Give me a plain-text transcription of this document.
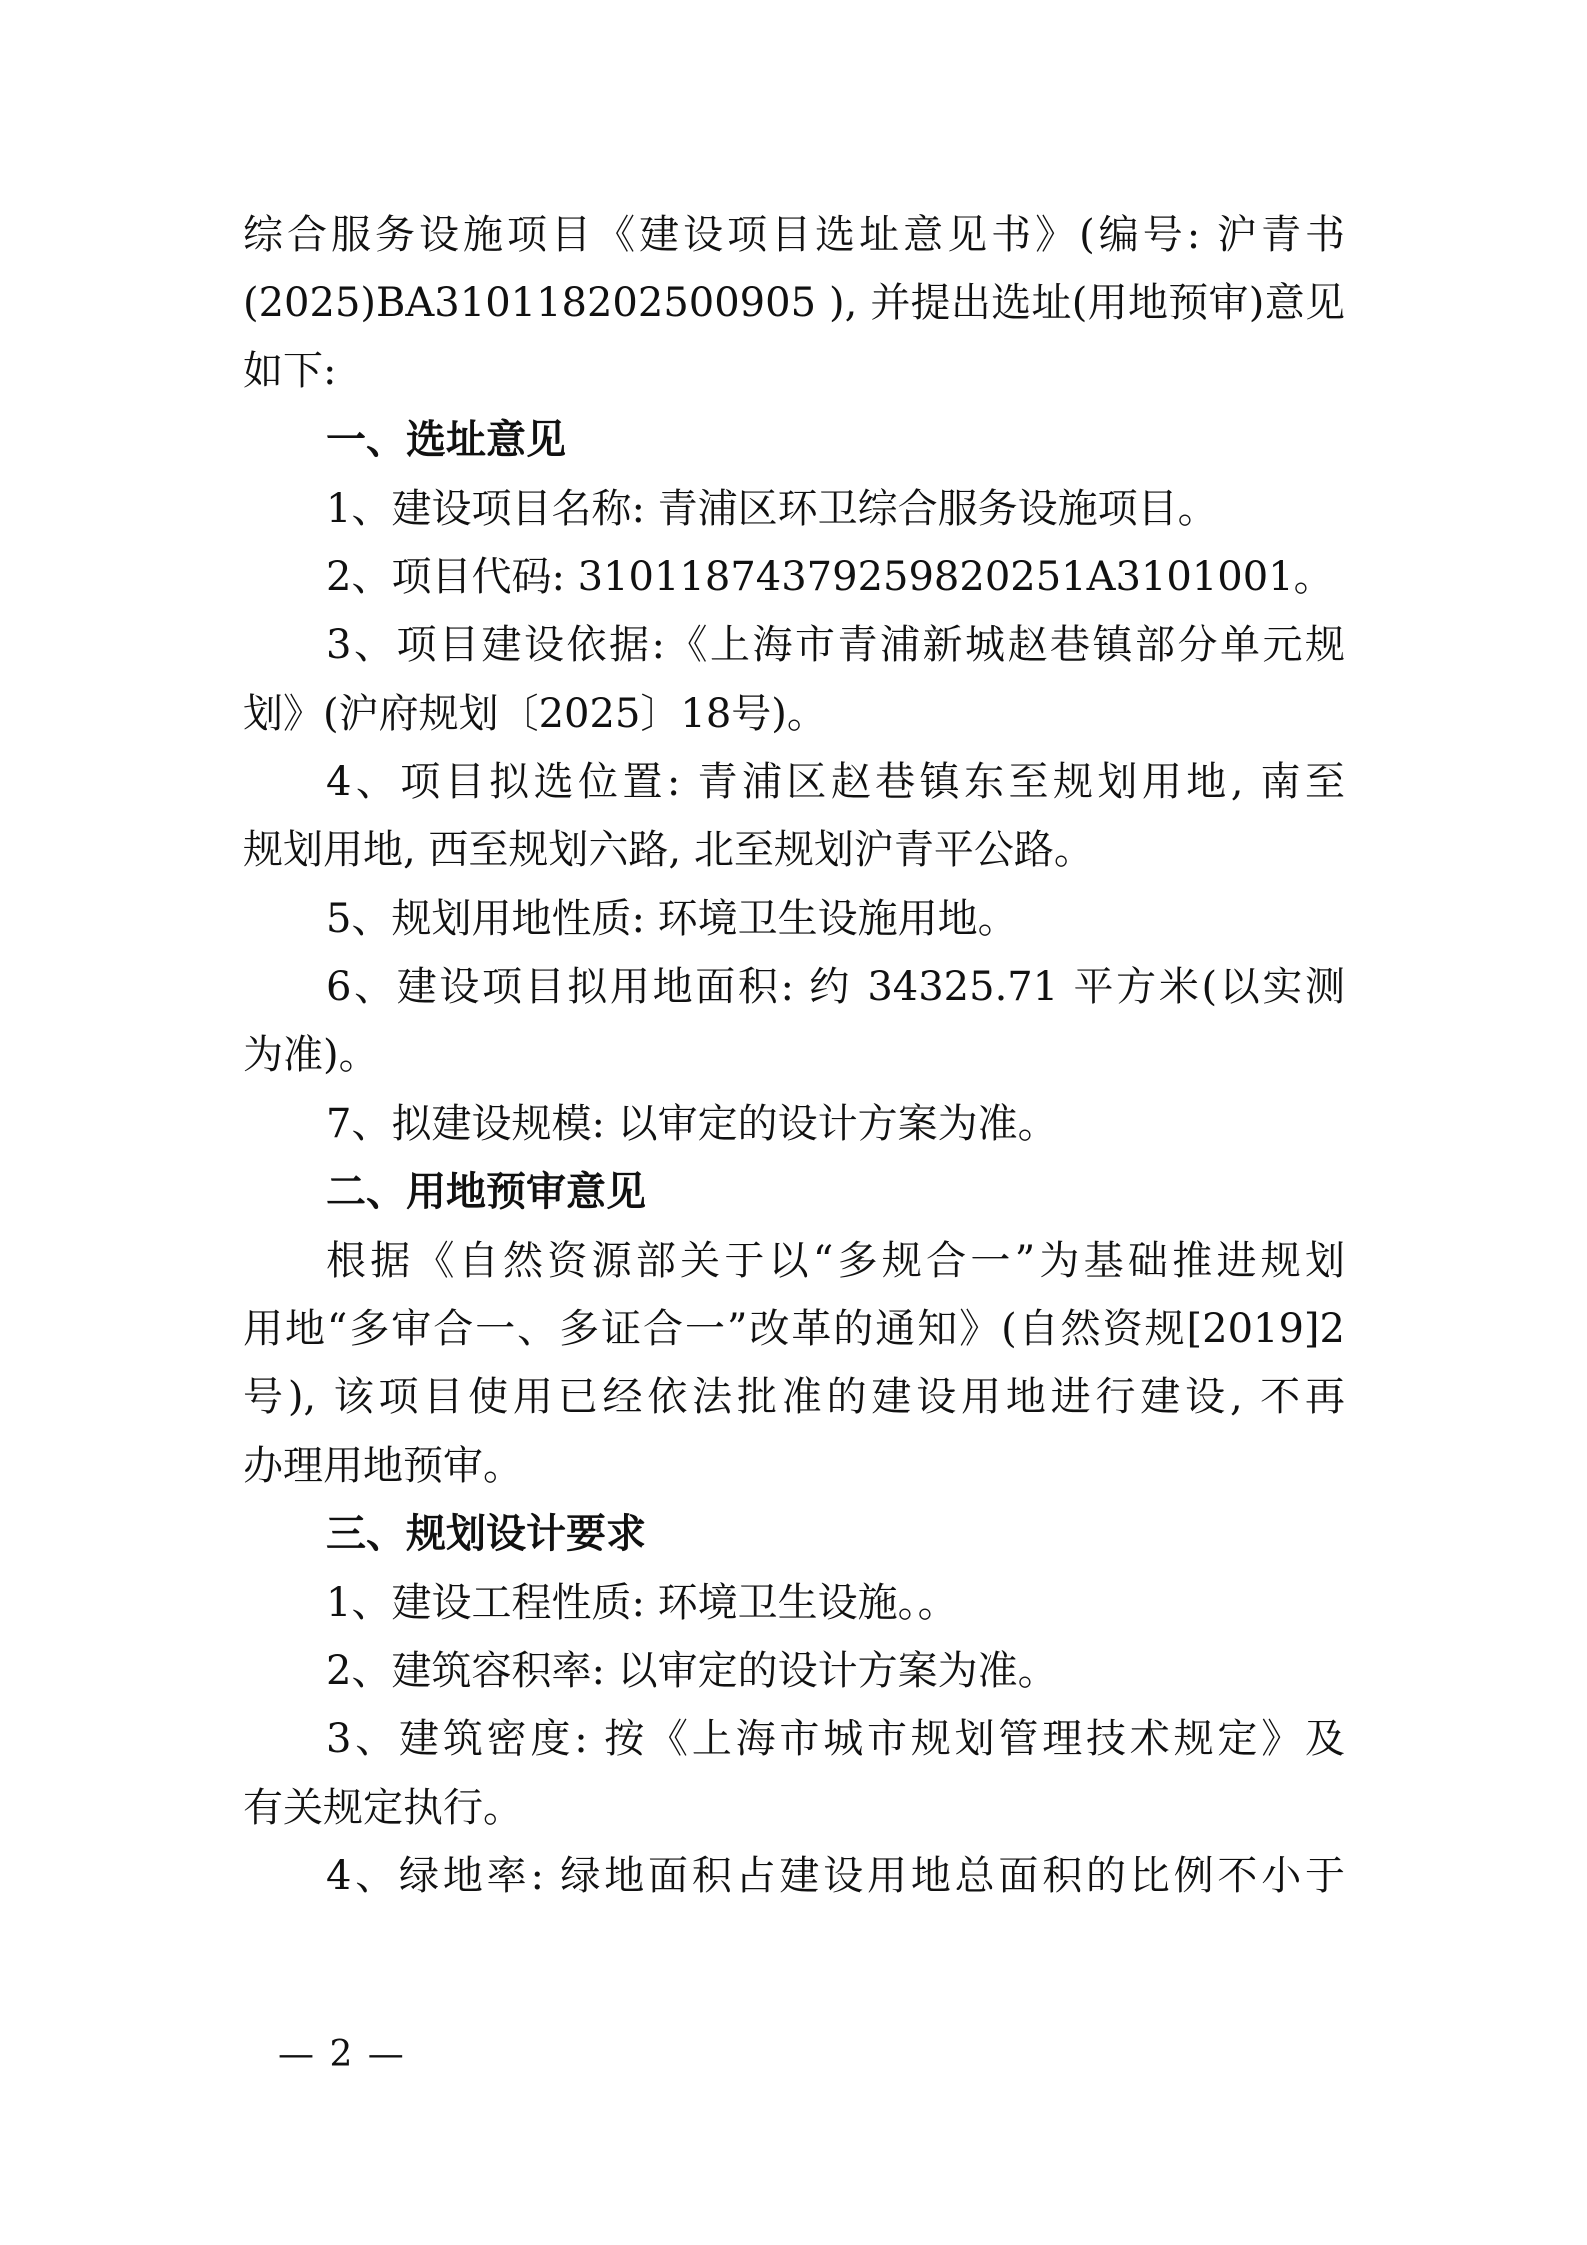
综合服务设施项目《建设项目选址意见书》(编号: 沪青书
(2025)BA310118202500905 ), 并提出选址(用地预审)意见
如下:
一、选址意见
1、建设项目名称: 青浦区环卫综合服务设施项目。
2、项目代码: 31011874379259820251A3101001。
3、项目建设依据:《上海市青浦新城赵巷镇部分单元规
划》(沪府规划〔2025〕18号)。
4、项目拟选位置: 青浦区赵巷镇东至规划用地, 南至
规划用地, 西至规划六路, 北至规划沪青平公路。
5、规划用地性质: 环境卫生设施用地。
6、建设项目拟用地面积: 约 34325.71 平方米(以实测
为准)。
7、拟建设规模: 以审定的设计方案为准。
二、用地预审意见
根据《自然资源部关于以“多规合一”为基础推进规划
用地“多审合一、多证合一”改革的通知》(自然资规[2019]2
号), 该项目使用已经依法批准的建设用地进行建设, 不再
办理用地预审。
三、规划设计要求
1、建设工程性质: 环境卫生设施。。
2、建筑容积率: 以审定的设计方案为准。
3、建筑密度: 按《上海市城市规划管理技术规定》及
有关规定执行。
4、绿地率: 绿地面积占建设用地总面积的比例不小于
— 2 —
